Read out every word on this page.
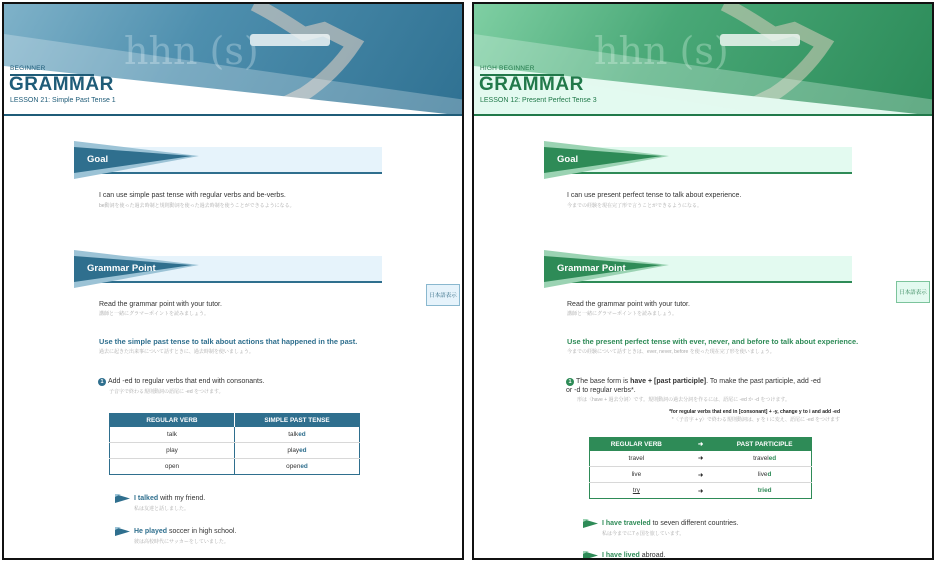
hhn (s)
BEGINNER
GRAMMAR
LESSON 21: Simple Past Tense 1
Goal
I can use simple past tense with regular verbs and be-verbs.
be動詞を使った過去時制と規則動詞を使った過去時制を使うことができるようになる。
Grammar Point
日本語表示
Read the grammar point with your tutor.
講師と一緒にグラマーポイントを読みましょう。
Use the simple past tense to talk about actions that happened in the past.
過去に起きた出来事について話すときに、過去時制を使いましょう。
1 Add -ed to regular verbs that end with consonants.
子音字で終わる規則動詞の語尾に -ed をつけます。
REGULAR VERB	SIMPLE PAST TENSE
talk	talked
play	played
open	opened
I talked with my friend.
私は友達と話しました。
He played soccer in high school.
彼は高校時代にサッカーをしていました。
hhn (s)
HIGH BEGINNER
GRAMMAR
LESSON 12: Present Perfect Tense 3
Goal
I can use present perfect tense to talk about experience.
今までの経験を現在完了形で言うことができるようになる。
Grammar Point
日本語表示
Read the grammar point with your tutor.
講師と一緒にグラマーポイントを読みましょう。
Use the present perfect tense with ever, never, and before to talk about experience.
今までの経験について話すときは、ever, never, before を使った現在完了形を使いましょう。
1 The base form is have + [past participle]. To make the past participle, add -ed or -d to regular verbs*.
形は〈have + 過去分詞〉です。規則動詞の過去分詞を作るには、語尾に -ed か -d をつけます。
*for regular verbs that end in [consonant] + -y, change y to i and add -ed
*〈子音字 + y〉で終わる規則動詞は、y を i に変え、語尾に -ed をつけます
REGULAR VERB	➜	PAST PARTICIPLE
travel	➜	traveled
live	➜	lived
try	➜	tried
I have traveled to seven different countries.
私は今までに7ヵ国を旅しています。
I have lived abroad.
